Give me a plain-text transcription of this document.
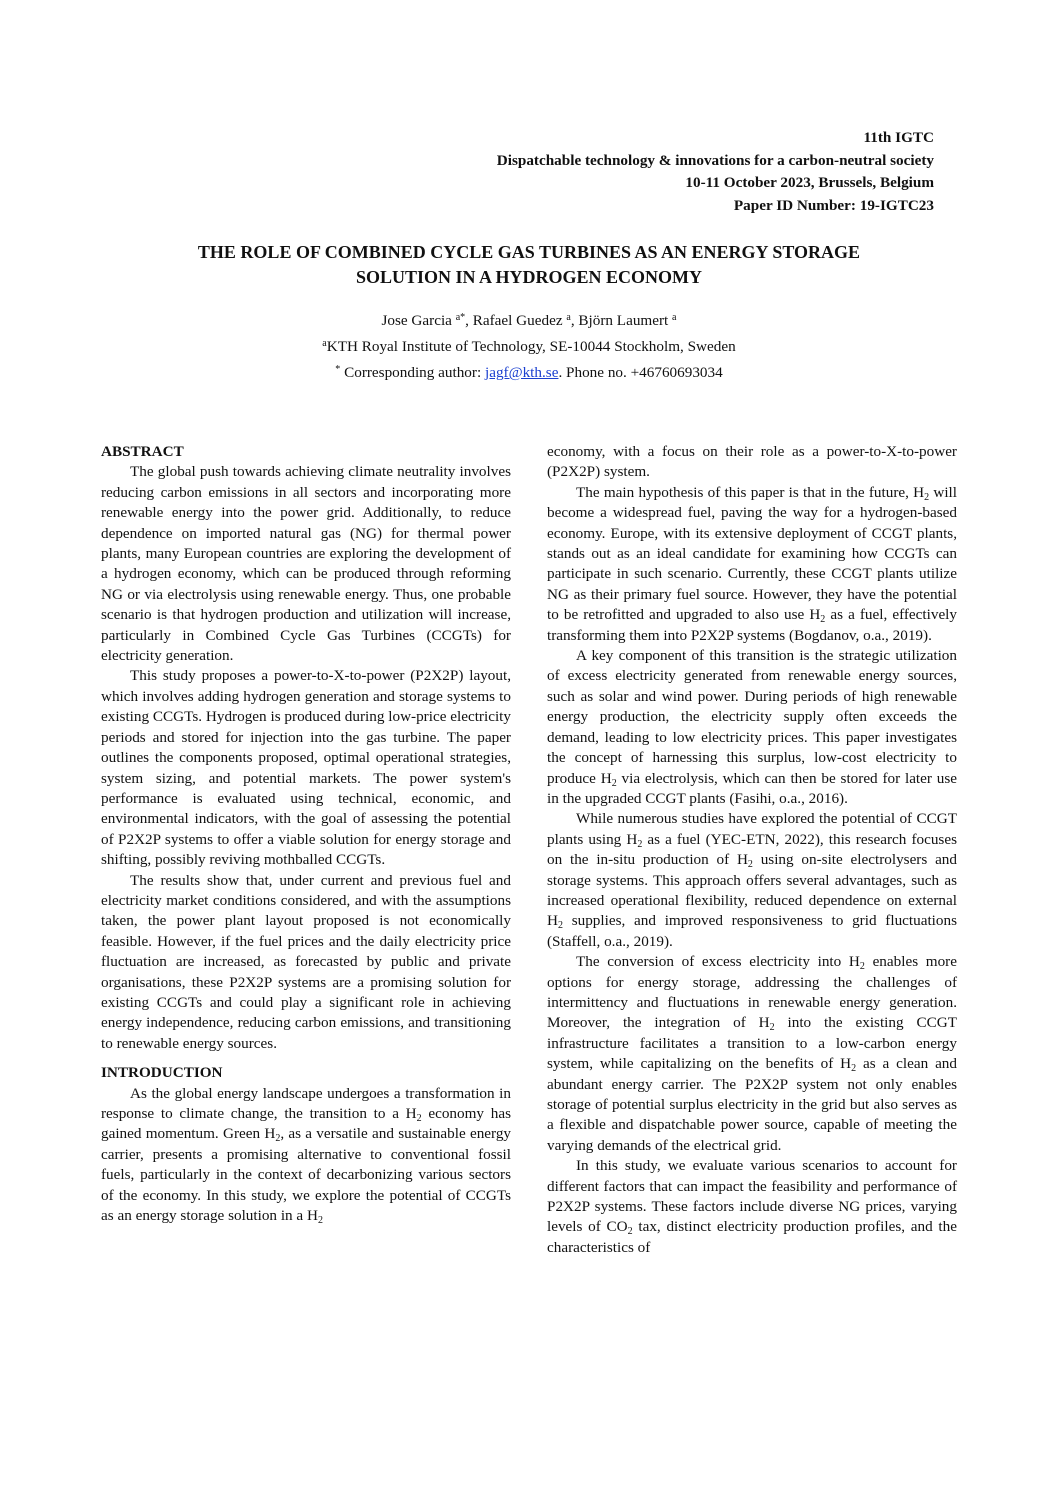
11th IGTC
Dispatchable technology & innovations for a carbon-neutral society
10-11 October 2023, Brussels, Belgium
Paper ID Number: 19-IGTC23
THE ROLE OF COMBINED CYCLE GAS TURBINES AS AN ENERGY STORAGE
SOLUTION IN A HYDROGEN ECONOMY
Jose Garcia $^{a*}$, Rafael Guedez $^a$, Björn Laumert $^a$
$^a$KTH Royal Institute of Technology, SE-10044 Stockholm, Sweden
* Corresponding author: jagf@kth.se. Phone no. +46760693034
ABSTRACT

The global push towards achieving climate neutrality involves reducing carbon emissions in all sectors and incorporating more renewable energy into the power grid. Additionally, to reduce dependence on imported natural gas (NG) for thermal power plants, many European countries are exploring the development of a hydrogen economy, which can be produced through reforming NG or via electrolysis using renewable energy. Thus, one probable scenario is that hydrogen production and utilization will increase, particularly in Combined Cycle Gas Turbines (CCGTs) for electricity generation.

This study proposes a power-to-X-to-power (P2X2P) layout, which involves adding hydrogen generation and storage systems to existing CCGTs. Hydrogen is produced during low-price electricity periods and stored for injection into the gas turbine. The paper outlines the components proposed, optimal operational strategies, system sizing, and potential markets. The power system's performance is evaluated using technical, economic, and environmental indicators, with the goal of assessing the potential of P2X2P systems to offer a viable solution for energy storage and shifting, possibly reviving mothballed CCGTs.

The results show that, under current and previous fuel and electricity market conditions considered, and with the assumptions taken, the power plant layout proposed is not economically feasible. However, if the fuel prices and the daily electricity price fluctuation are increased, as forecasted by public and private organisations, these P2X2P systems are a promising solution for existing CCGTs and could play a significant role in achieving energy independence, reducing carbon emissions, and transitioning to renewable energy sources.

INTRODUCTION

As the global energy landscape undergoes a transformation in response to climate change, the transition to a $H_2$ economy has gained momentum. Green $H_2$, as a versatile and sustainable energy carrier, presents a promising alternative to conventional fossil fuels, particularly in the context of decarbonizing various sectors of the economy. In this study, we explore the potential of CCGTs as an energy storage solution in a $H_2$

economy, with a focus on their role as a power-to-X-to-power (P2X2P) system.

The main hypothesis of this paper is that in the future, $H_2$ will become a widespread fuel, paving the way for a hydrogen-based economy. Europe, with its extensive deployment of CCGT plants, stands out as an ideal candidate for examining how CCGTs can participate in such scenario. Currently, these CCGT plants utilize NG as their primary fuel source. However, they have the potential to be retrofitted and upgraded to also use $H_2$ as a fuel, effectively transforming them into P2X2P systems (Bogdanov, o.a., 2019).

A key component of this transition is the strategic utilization of excess electricity generated from renewable energy sources, such as solar and wind power. During periods of high renewable energy production, the electricity supply often exceeds the demand, leading to low electricity prices. This paper investigates the concept of harnessing this surplus, low-cost electricity to produce $H_2$ via electrolysis, which can then be stored for later use in the upgraded CCGT plants (Fasihi, o.a., 2016).

While numerous studies have explored the potential of CCGT plants using $H_2$ as a fuel (YEC-ETN, 2022), this research focuses on the in-situ production of $H_2$ using on-site electrolysers and storage systems. This approach offers several advantages, such as increased operational flexibility, reduced dependence on external $H_2$ supplies, and improved responsiveness to grid fluctuations (Staffell, o.a., 2019).

The conversion of excess electricity into $H_2$ enables more options for energy storage, addressing the challenges of intermittency and fluctuations in renewable energy generation. Moreover, the integration of $H_2$ into the existing CCGT infrastructure facilitates a transition to a low-carbon energy system, while capitalizing on the benefits of $H_2$ as a clean and abundant energy carrier. The P2X2P system not only enables storage of potential surplus electricity in the grid but also serves as a flexible and dispatchable power source, capable of meeting the varying demands of the electrical grid.

In this study, we evaluate various scenarios to account for different factors that can impact the feasibility and performance of P2X2P systems. These factors include diverse NG prices, varying levels of $CO_2$ tax, distinct electricity production profiles, and the characteristics of
